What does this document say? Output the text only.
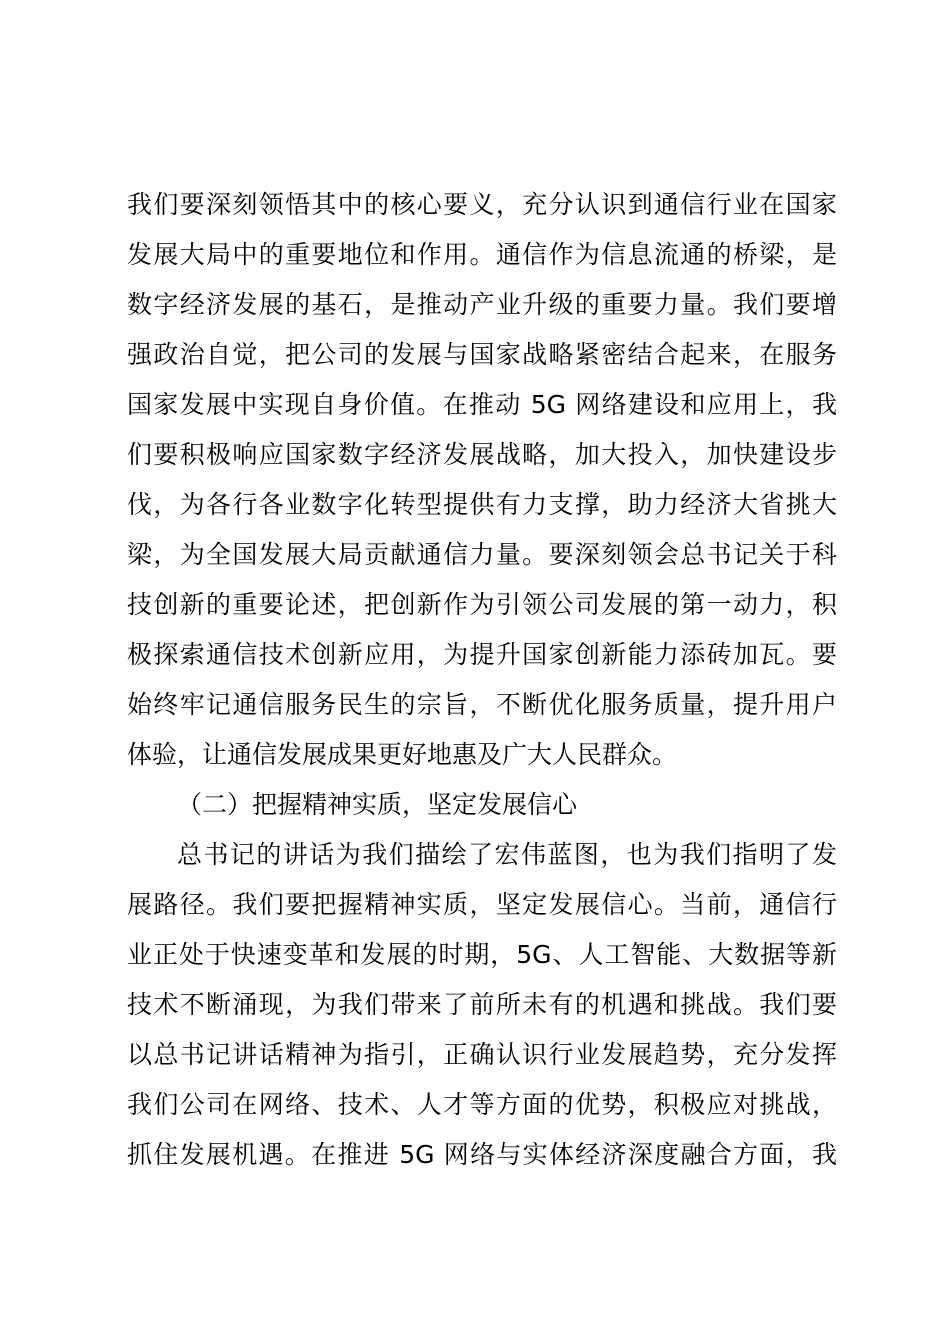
我们要深刻领悟其中的核心要义，充分认识到通信行业在国家
发展大局中的重要地位和作用。通信作为信息流通的桥梁，是
数字经济发展的基石，是推动产业升级的重要力量。我们要增
强政治自觉，把公司的发展与国家战略紧密结合起来，在服务
国家发展中实现自身价值。在推动 5G 网络建设和应用上，我
们要积极响应国家数字经济发展战略，加大投入，加快建设步
伐，为各行各业数字化转型提供有力支撑，助力经济大省挑大
梁，为全国发展大局贡献通信力量。要深刻领会总书记关于科
技创新的重要论述，把创新作为引领公司发展的第一动力，积
极探索通信技术创新应用，为提升国家创新能力添砖加瓦。要
始终牢记通信服务民生的宗旨，不断优化服务质量，提升用户
体验，让通信发展成果更好地惠及广大人民群众。
（二）把握精神实质，坚定发展信心
总书记的讲话为我们描绘了宏伟蓝图，也为我们指明了发
展路径。我们要把握精神实质，坚定发展信心。当前，通信行
业正处于快速变革和发展的时期，5G、人工智能、大数据等新
技术不断涌现，为我们带来了前所未有的机遇和挑战。我们要
以总书记讲话精神为指引，正确认识行业发展趋势，充分发挥
我们公司在网络、技术、人才等方面的优势，积极应对挑战，
抓住发展机遇。在推进 5G 网络与实体经济深度融合方面，我
